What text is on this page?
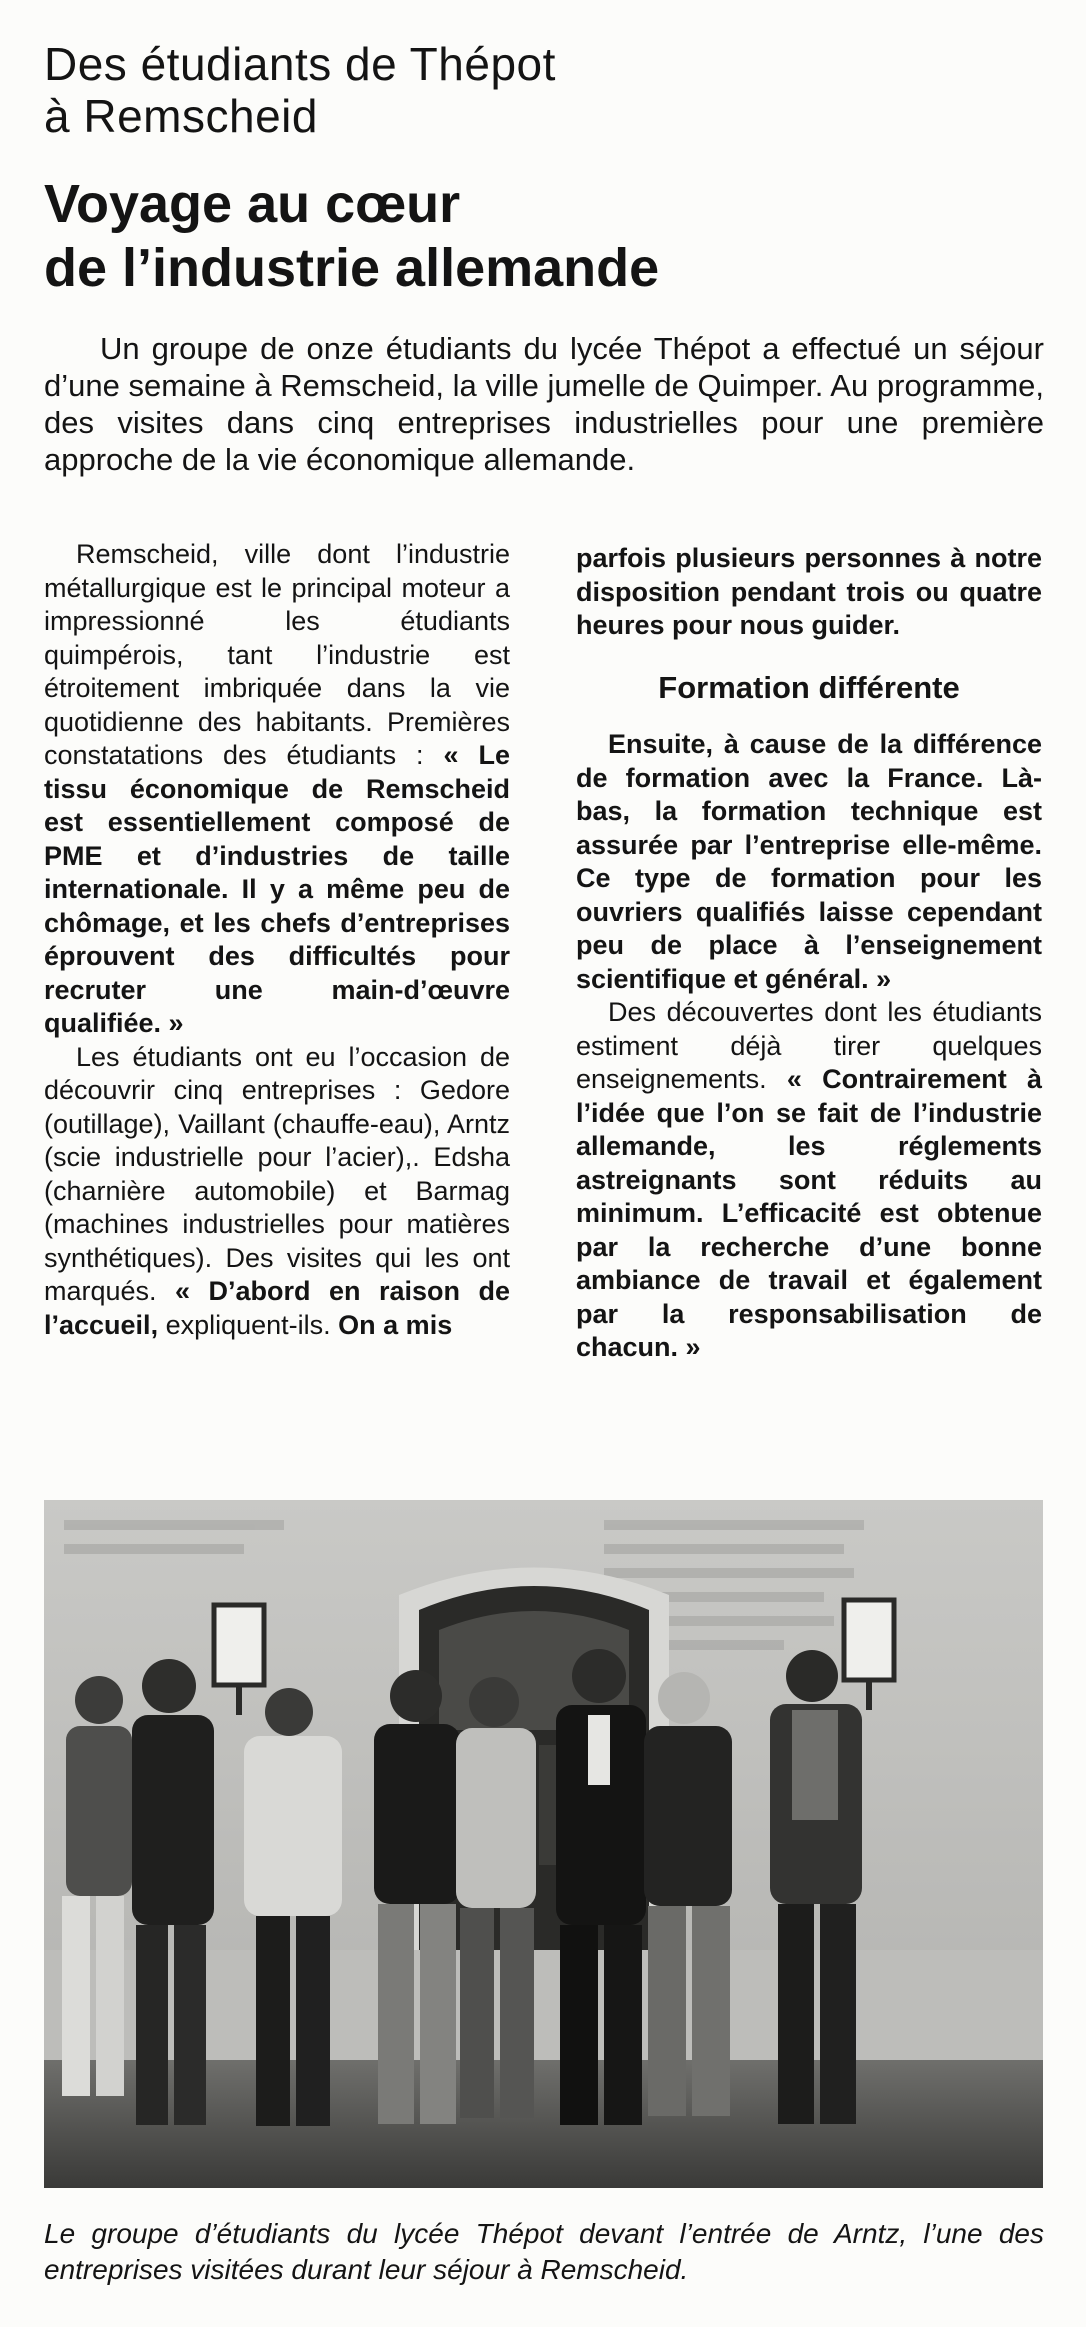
Des étudiants de Thépot
à Remscheid
Voyage au cœur
de l’industrie allemande

Un groupe de onze étudiants du lycée Thépot a effectué un séjour d’une semaine à Remscheid, la ville jumelle de Quimper. Au programme, des visites dans cinq entreprises industrielles pour une première approche de la vie économique allemande.

Remscheid, ville dont l’industrie métallurgique est le principal moteur a impressionné les étudiants quimpérois, tant l’industrie est étroitement imbriquée dans la vie quotidienne des habitants. Premières constatations des étudiants : « Le tissu économique de Remscheid est essentiellement composé de PME et d’industries de taille internationale. Il y a même peu de chômage, et les chefs d’entreprises éprouvent des difficultés pour recruter une main-d’œuvre qualifiée. »

Les étudiants ont eu l’occasion de découvrir cinq entreprises : Gedore (outillage), Vaillant (chauffe-eau), Arntz (scie industrielle pour l’acier),. Edsha (charnière automobile) et Barmag (machines industrielles pour matières synthétiques). Des visites qui les ont marqués. « D’abord en raison de l’accueil, expliquent-ils. On a mis

parfois plusieurs personnes à notre disposition pendant trois ou quatre heures pour nous guider.

Formation différente

Ensuite, à cause de la différence de formation avec la France. Là-bas, la formation technique est assurée par l’entreprise elle-même. Ce type de formation pour les ouvriers qualifiés laisse cependant peu de place à l’enseignement scientifique et général. »

Des découvertes dont les étudiants estiment déjà tirer quelques enseignements. « Contrairement à l’idée que l’on se fait de l’industrie allemande, les réglements astreignants sont réduits au minimum. L’efficacité est obtenue par la recherche d’une bonne ambiance de travail et également par la responsabilisation de chacun. »

Le groupe d’étudiants du lycée Thépot devant l’entrée de Arntz, l’une des entreprises visitées durant leur séjour à Remscheid.
